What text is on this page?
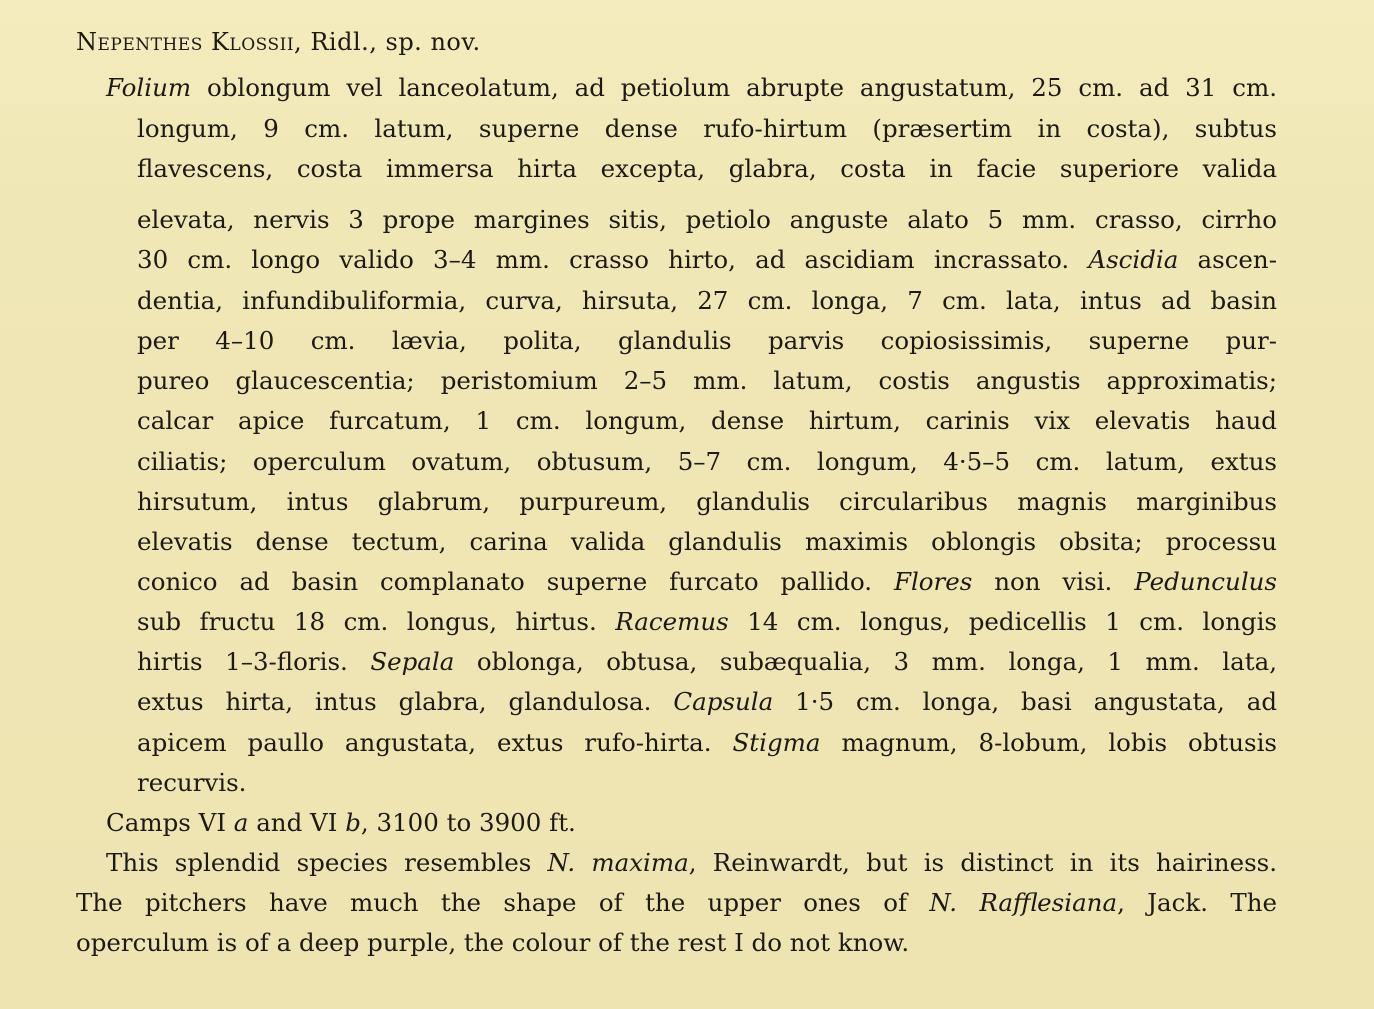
Nepenthes Klossii, Ridl., sp. nov.
Folium oblongum vel lanceolatum, ad petiolum abrupte angustatum, 25 cm. ad 31 cm.
longum, 9 cm. latum, superne dense rufo-hirtum (præsertim in costa), subtus
flavescens, costa immersa hirta excepta, glabra, costa in facie superiore valida
elevata, nervis 3 prope margines sitis, petiolo anguste alato 5 mm. crasso, cirrho
30 cm. longo valido 3–4 mm. crasso hirto, ad ascidiam incrassato. Ascidia ascen-
dentia, infundibuliformia, curva, hirsuta, 27 cm. longa, 7 cm. lata, intus ad basin
per 4–10 cm. lævia, polita, glandulis parvis copiosissimis, superne pur-
pureo glaucescentia; peristomium 2–5 mm. latum, costis angustis approximatis;
calcar apice furcatum, 1 cm. longum, dense hirtum, carinis vix elevatis haud
ciliatis; operculum ovatum, obtusum, 5–7 cm. longum, 4·5–5 cm. latum, extus
hirsutum, intus glabrum, purpureum, glandulis circularibus magnis marginibus
elevatis dense tectum, carina valida glandulis maximis oblongis obsita; processu
conico ad basin complanato superne furcato pallido. Flores non visi. Pedunculus
sub fructu 18 cm. longus, hirtus. Racemus 14 cm. longus, pedicellis 1 cm. longis
hirtis 1–3-floris. Sepala oblonga, obtusa, subæqualia, 3 mm. longa, 1 mm. lata,
extus hirta, intus glabra, glandulosa. Capsula 1·5 cm. longa, basi angustata, ad
apicem paullo angustata, extus rufo-hirta. Stigma magnum, 8-lobum, lobis obtusis
recurvis.
Camps VI a and VI b, 3100 to 3900 ft.
This splendid species resembles N. maxima, Reinwardt, but is distinct in its hairiness.
The pitchers have much the shape of the upper ones of N. Rafflesiana, Jack. The
operculum is of a deep purple, the colour of the rest I do not know.
